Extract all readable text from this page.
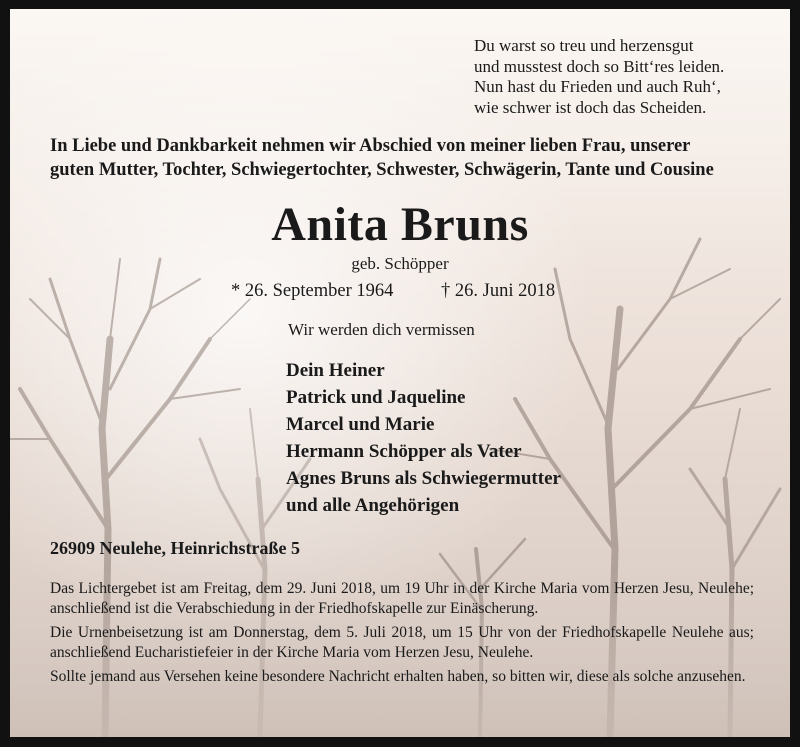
Du warst so treu und herzensgut
und musstest doch so Bitt‘res leiden.
Nun hast du Frieden und auch Ruh‘,
wie schwer ist doch das Scheiden.
In Liebe und Dankbarkeit nehmen wir Abschied von meiner lieben Frau, unserer
guten Mutter, Tochter, Schwiegertochter, Schwester, Schwägerin, Tante und Cousine
Anita Bruns
geb. Schöpper
* 26. September 1964	† 26. Juni 2018
Wir werden dich vermissen
Dein Heiner
Patrick und Jaqueline
Marcel und Marie
Hermann Schöpper als Vater
Agnes Bruns als Schwiegermutter
und alle Angehörigen
26909 Neulehe, Heinrichstraße 5

Das Lichtergebet ist am Freitag, dem 29. Juni 2018, um 19 Uhr in der Kirche Maria vom Herzen Jesu, Neulehe; anschließend ist die Verabschiedung in der Friedhofskapelle zur Einäscherung.

Die Urnenbeisetzung ist am Donnerstag, dem 5. Juli 2018, um 15 Uhr von der Friedhofskapelle Neulehe aus; anschließend Eucharistiefeier in der Kirche Maria vom Herzen Jesu, Neulehe.

Sollte jemand aus Versehen keine besondere Nachricht erhalten haben, so bitten wir, diese als solche anzusehen.
